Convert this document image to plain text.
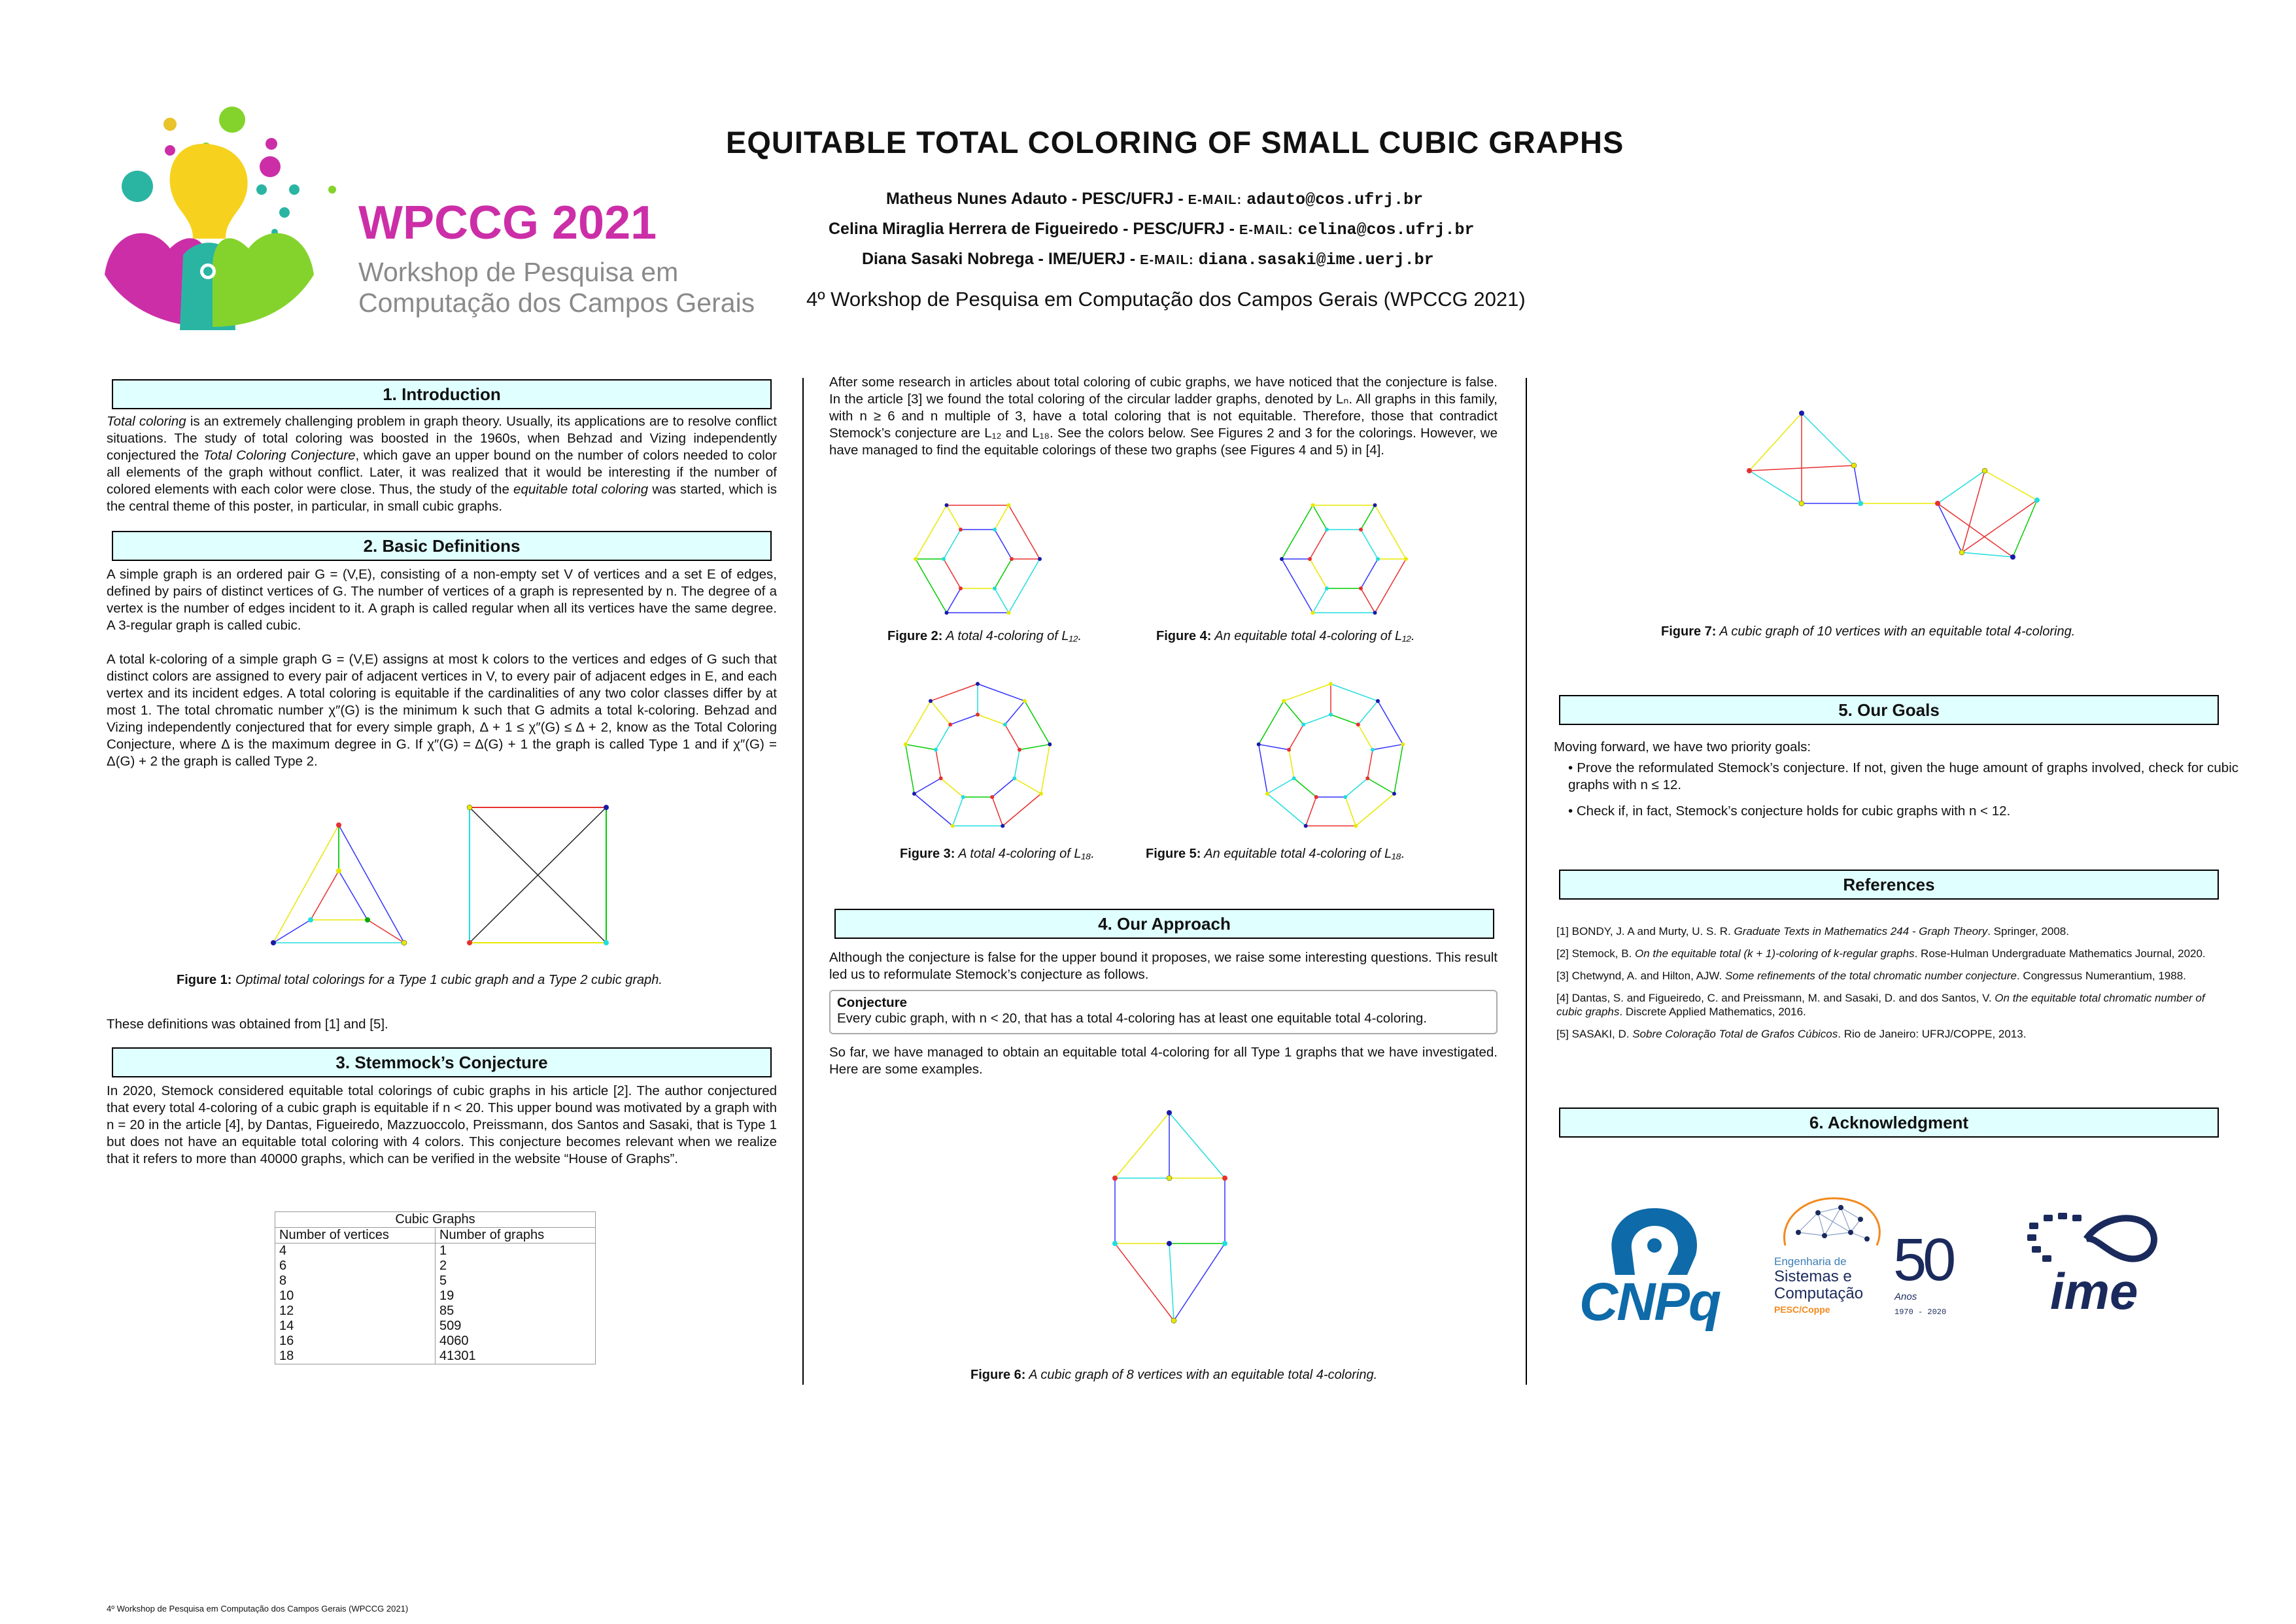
WPCCG 2021
Workshop de Pesquisa em
Computação dos Campos Gerais
EQUITABLE TOTAL COLORING OF SMALL CUBIC GRAPHS
Matheus Nunes Adauto - PESC/UFRJ - E-MAIL: adauto@cos.ufrj.br
Celina Miraglia Herrera de Figueiredo - PESC/UFRJ - E-MAIL: celina@cos.ufrj.br
Diana Sasaki Nobrega - IME/UERJ - E-MAIL: diana.sasaki@ime.uerj.br
4º Workshop de Pesquisa em Computação dos Campos Gerais (WPCCG 2021)
1. Introduction

Total coloring is an extremely challenging problem in graph theory. Usually, its applications are to resolve conflict situations. The study of total coloring was boosted in the 1960s, when Behzad and Vizing independently conjectured the Total Coloring Conjecture, which gave an upper bound on the number of colors needed to color all elements of the graph without conflict. Later, it was realized that it would be interesting if the number of colored elements with each color were close. Thus, the study of the equitable total coloring was started, which is the central theme of this poster, in particular, in small cubic graphs.

2. Basic Definitions
A simple graph is an ordered pair G = (V,E), consisting of a non-empty set V of vertices and a set E of edges, defined by pairs of distinct vertices of G. The number of vertices of a graph is represented by n. The degree of a vertex is the number of edges incident to it. A graph is called regular when all its vertices have the same degree. A 3-regular graph is called cubic.
A total k-coloring of a simple graph G = (V,E) assigns at most k colors to the vertices and edges of G such that distinct colors are assigned to every pair of adjacent vertices in V, to every pair of adjacent edges in E, and each vertex and its incident edges. A total coloring is equitable if the cardinalities of any two color classes differ by at most 1. The total chromatic number χ″(G) is the minimum k such that G admits a total k-coloring. Behzad and Vizing independently conjectured that for every simple graph, Δ + 1 ≤ χ″(G) ≤ Δ + 2, know as the Total Coloring Conjecture, where Δ is the maximum degree in G. If χ″(G) = Δ(G) + 1 the graph is called Type 1 and if χ″(G) = Δ(G) + 2 the graph is called Type 2.
Figure 1: Optimal total colorings for a Type 1 cubic graph and a Type 2 cubic graph.
These definitions was obtained from [1] and [5].
3. Stemmock’s Conjecture
In 2020, Stemock considered equitable total colorings of cubic graphs in his article [2]. The author conjectured that every total 4-coloring of a cubic graph is equitable if n < 20. This upper bound was motivated by a graph with n = 20 in the article [4], by Dantas, Figueiredo, Mazzuoccolo, Preissmann, dos Santos and Sasaki, that is Type 1 but does not have an equitable total coloring with 4 colors. This conjecture becomes relevant when we realize that it refers to more than 40000 graphs, which can be verified in the website “House of Graphs”.
Cubic Graphs	
Number of vertices	Number of graphs
4	1
6	2
8	5
10	19
12	85
14	509
16	4060
18	41301
After some research in articles about total coloring of cubic graphs, we have noticed that the conjecture is false. In the article [3] we found the total coloring of the circular ladder graphs, denoted by Lₙ. All graphs in this family, with n ≥ 6 and n multiple of 3, have a total coloring that is not equitable. Therefore, those that contradict Stemock’s conjecture are L₁₂ and L₁₈. See the colors below. See Figures 2 and 3 for the colorings. However, we have managed to find the equitable colorings of these two graphs (see Figures 4 and 5) in [4].
Figure 2: A total 4-coloring of L₁₂.	Figure 4: An equitable total 4-coloring of L₁₂.
Figure 3: A total 4-coloring of L₁₈.	Figure 5: An equitable total 4-coloring of L₁₈.
4. Our Approach
Although the conjecture is false for the upper bound it proposes, we raise some interesting questions. This result led us to reformulate Stemock’s conjecture as follows.
Conjecture
Every cubic graph, with n < 20, that has a total 4-coloring has at least one equitable total 4-coloring.
So far, we have managed to obtain an equitable total 4-coloring for all Type 1 graphs that we have investigated. Here are some examples.
Figure 6: A cubic graph of 8 vertices with an equitable total 4-coloring.
Figure 7: A cubic graph of 10 vertices with an equitable total 4-coloring.
5. Our Goals
Moving forward, we have two priority goals:
• Prove the reformulated Stemock’s conjecture. If not, given the huge amount of graphs involved, check for cubic graphs with n ≤ 12.
• Check if, in fact, Stemock’s conjecture holds for cubic graphs with n < 12.
References
[1] BONDY, J. A and Murty, U. S. R. Graduate Texts in Mathematics 244 - Graph Theory. Springer, 2008.
[2] Stemock, B. On the equitable total (k + 1)-coloring of k-regular graphs. Rose-Hulman Undergraduate Mathematics Journal, 2020.
[3] Chetwynd, A. and Hilton, AJW. Some refinements of the total chromatic number conjecture. Congressus Numerantium, 1988.
[4] Dantas, S. and Figueiredo, C. and Preissmann, M. and Sasaki, D. and dos Santos, V. On the equitable total chromatic number of cubic graphs. Discrete Applied Mathematics, 2016.
[5] SASAKI, D. Sobre Coloração Total de Grafos Cúbicos. Rio de Janeiro: UFRJ/COPPE, 2013.
6. Acknowledgment
CNPq
Engenharia de
Sistemas e
Computação
PESC/Coppe
50
Anos
1970 - 2020 ime
4º Workshop de Pesquisa em Computação dos Campos Gerais (WPCCG 2021)
